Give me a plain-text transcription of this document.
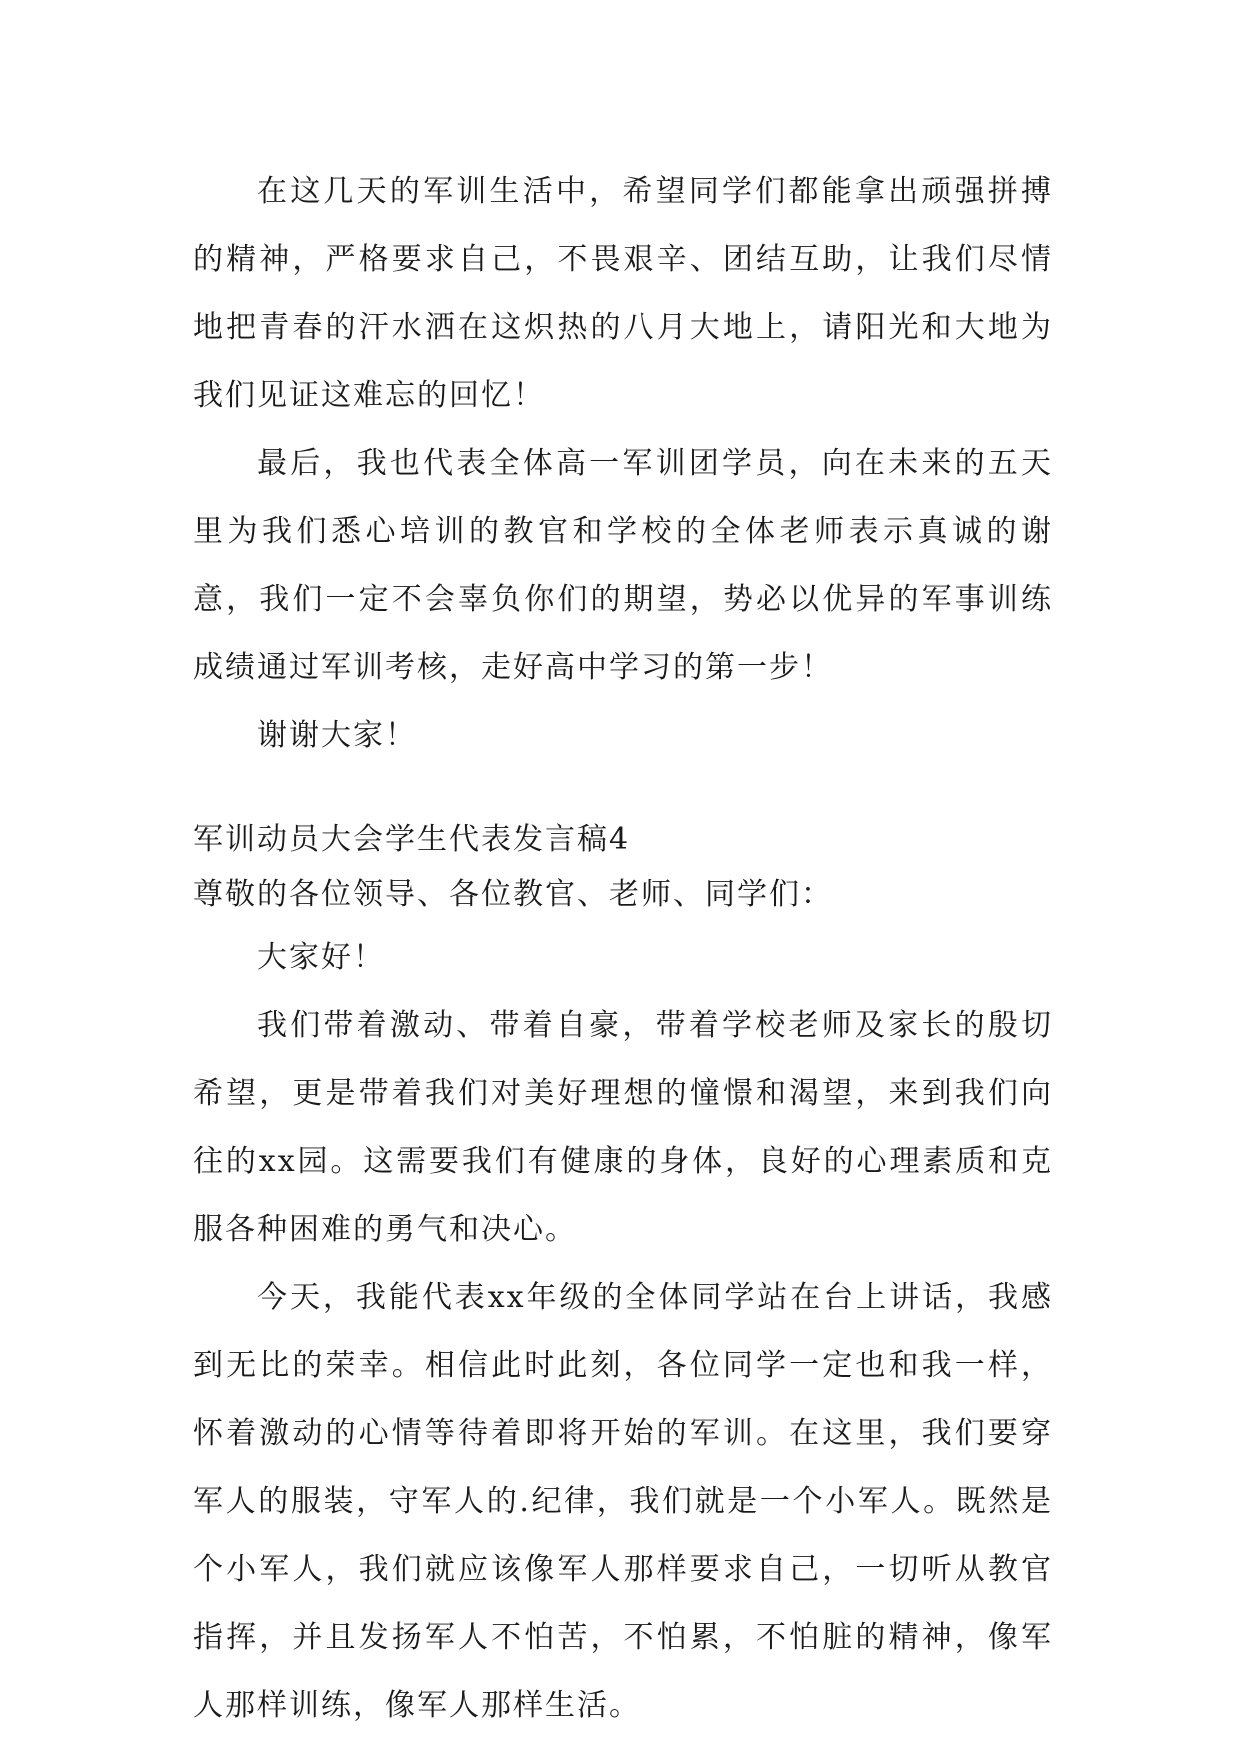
在这几天的军训生活中，希望同学们都能拿出顽强拼搏的精神，严格要求自己，不畏艰辛、团结互助，让我们尽情地把青春的汗水洒在这炽热的八月大地上，请阳光和大地为我们见证这难忘的回忆！

最后，我也代表全体高一军训团学员，向在未来的五天里为我们悉心培训的教官和学校的全体老师表示真诚的谢意，我们一定不会辜负你们的期望，势必以优异的军事训练成绩通过军训考核，走好高中学习的第一步！

谢谢大家！

军训动员大会学生代表发言稿4

尊敬的各位领导、各位教官、老师、同学们：

大家好！

我们带着激动、带着自豪，带着学校老师及家长的殷切希望，更是带着我们对美好理想的憧憬和渴望，来到我们向往的xx园。这需要我们有健康的身体，良好的心理素质和克服各种困难的勇气和决心。

今天，我能代表xx年级的全体同学站在台上讲话，我感到无比的荣幸。相信此时此刻，各位同学一定也和我一样，怀着激动的心情等待着即将开始的军训。在这里，我们要穿军人的服装，守军人的.纪律，我们就是一个小军人。既然是个小军人，我们就应该像军人那样要求自己，一切听从教官指挥，并且发扬军人不怕苦，不怕累，不怕脏的精神，像军人那样训练，像军人那样生活。
